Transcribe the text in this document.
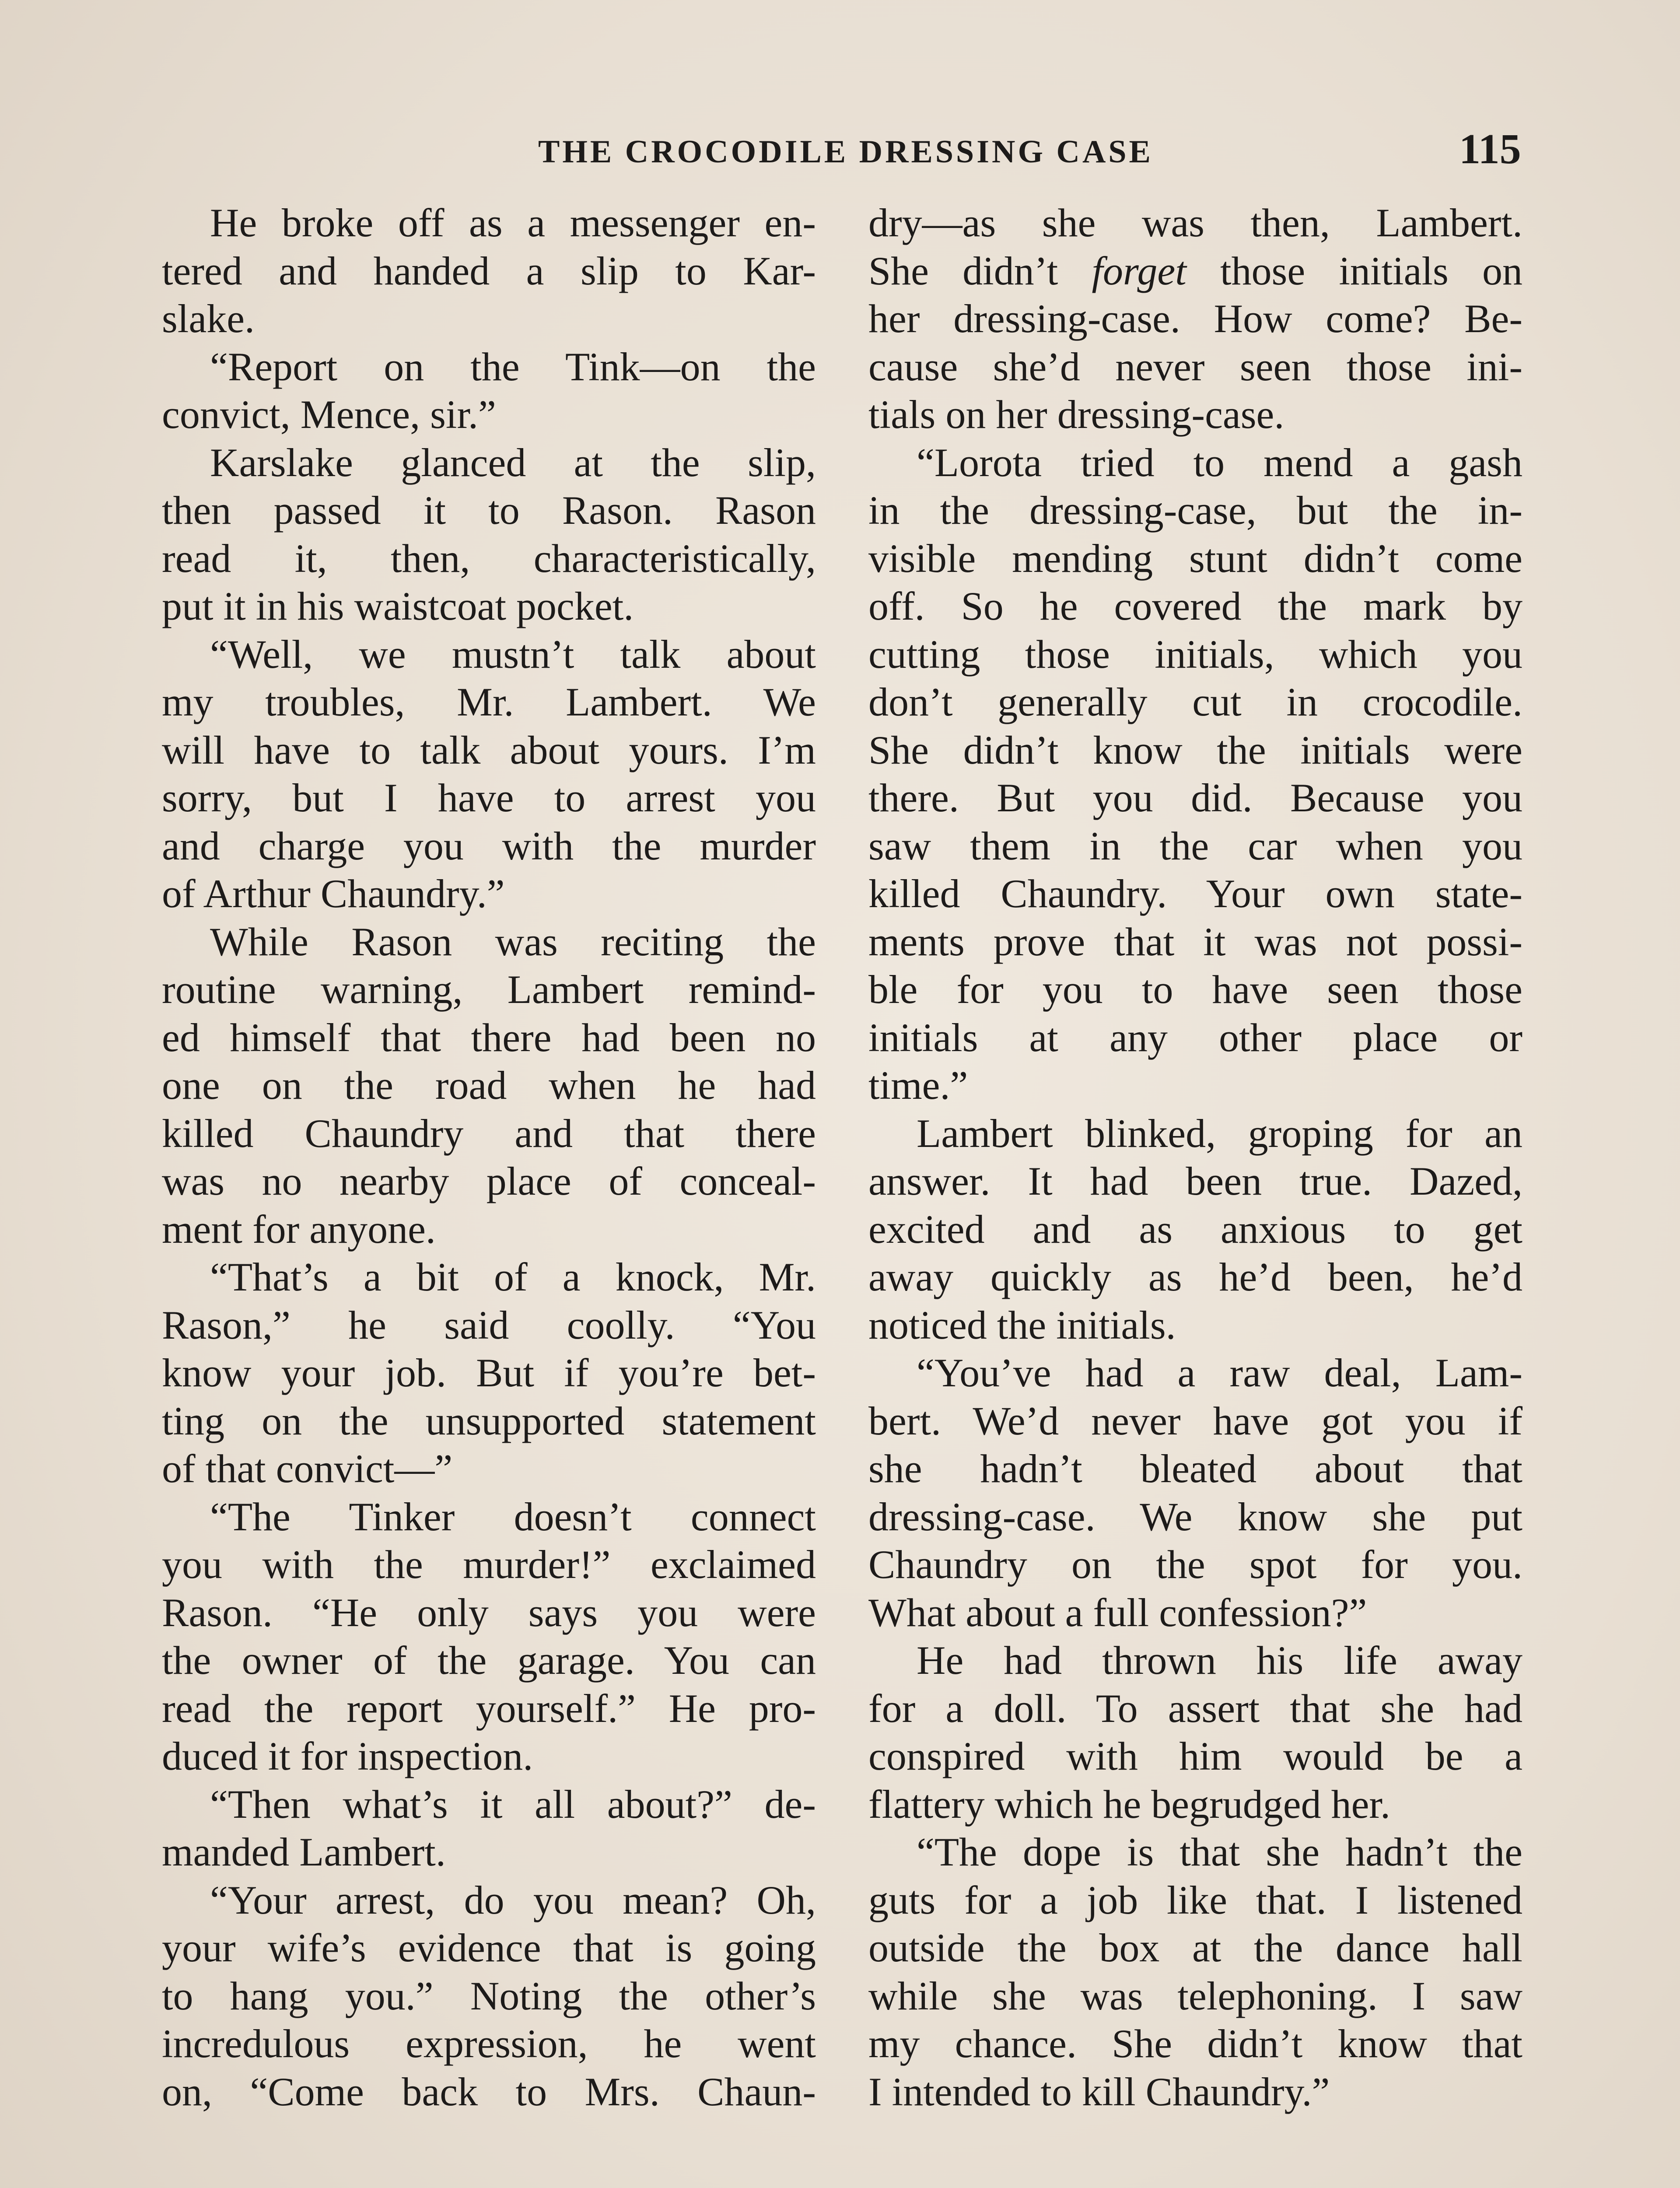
THE CROCODILE DRESSING CASE	115
He broke off as a messenger en-
tered and handed a slip to Kar-
slake.
“Report on the Tink—on the
convict, Mence, sir.”
Karslake glanced at the slip,
then passed it to Rason. Rason
read it, then, characteristically,
put it in his waistcoat pocket.
“Well, we mustn’t talk about
my troubles, Mr. Lambert. We
will have to talk about yours. I’m
sorry, but I have to arrest you
and charge you with the murder
of Arthur Chaundry.”
While Rason was reciting the
routine warning, Lambert remind-
ed himself that there had been no
one on the road when he had
killed Chaundry and that there
was no nearby place of conceal-
ment for anyone.
“That’s a bit of a knock, Mr.
Rason,” he said coolly. “You
know your job. But if you’re bet-
ting on the unsupported statement
of that convict—”
“The Tinker doesn’t connect
you with the murder!” exclaimed
Rason. “He only says you were
the owner of the garage. You can
read the report yourself.” He pro-
duced it for inspection.
“Then what’s it all about?” de-
manded Lambert.
“Your arrest, do you mean? Oh,
your wife’s evidence that is going
to hang you.” Noting the other’s
incredulous expression, he went
on, “Come back to Mrs. Chaun-
dry—as she was then, Lambert.
She didn’t forget those initials on
her dressing-case. How come? Be-
cause she’d never seen those ini-
tials on her dressing-case.
“Lorota tried to mend a gash
in the dressing-case, but the in-
visible mending stunt didn’t come
off. So he covered the mark by
cutting those initials, which you
don’t generally cut in crocodile.
She didn’t know the initials were
there. But you did. Because you
saw them in the car when you
killed Chaundry. Your own state-
ments prove that it was not possi-
ble for you to have seen those
initials at any other place or
time.”
Lambert blinked, groping for an
answer. It had been true. Dazed,
excited and as anxious to get
away quickly as he’d been, he’d
noticed the initials.
“You’ve had a raw deal, Lam-
bert. We’d never have got you if
she hadn’t bleated about that
dressing-case. We know she put
Chaundry on the spot for you.
What about a full confession?”
He had thrown his life away
for a doll. To assert that she had
conspired with him would be a
flattery which he begrudged her.
“The dope is that she hadn’t the
guts for a job like that. I listened
outside the box at the dance hall
while she was telephoning. I saw
my chance. She didn’t know that
I intended to kill Chaundry.”
